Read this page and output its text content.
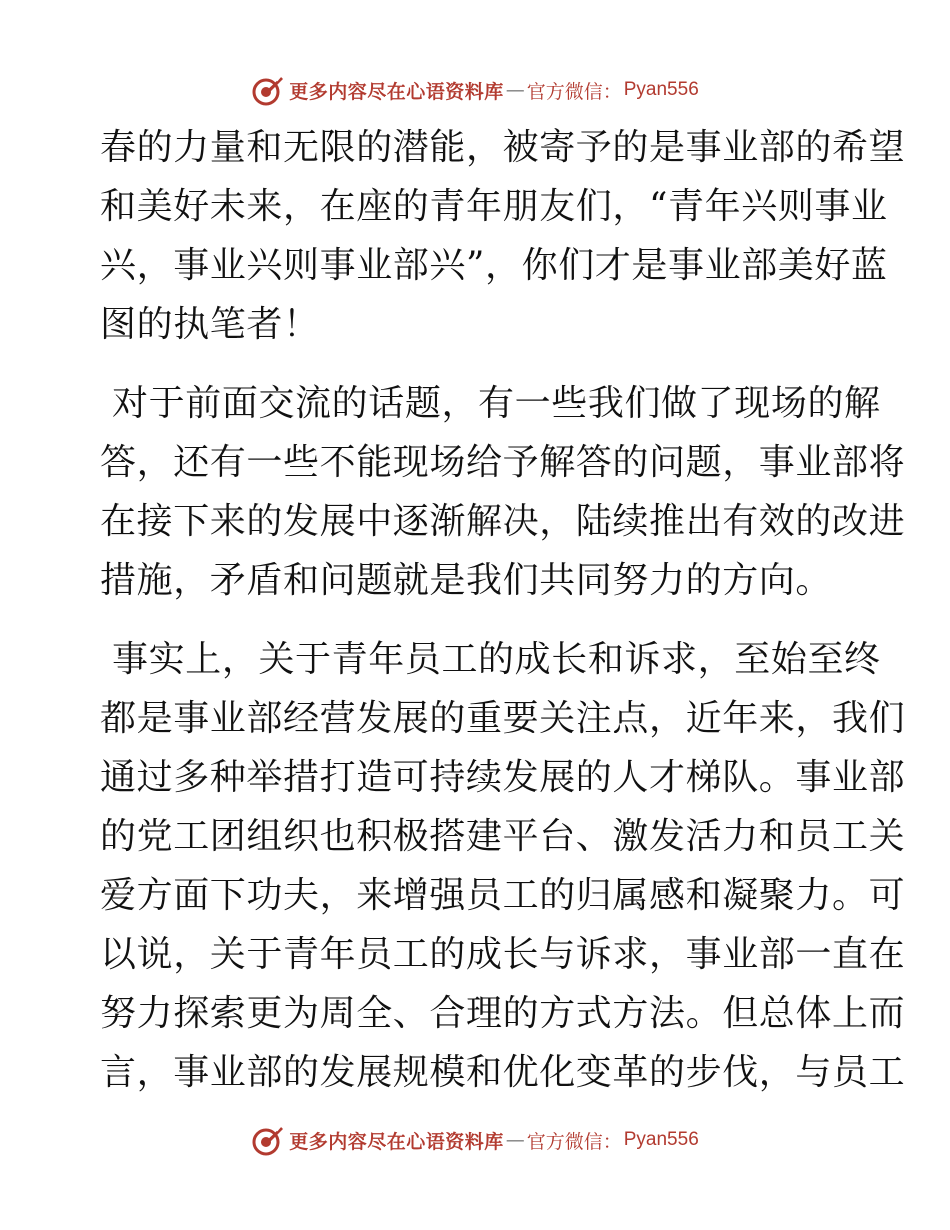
更多内容尽在心语资料库 — 官方微信： Pyan556
春的力量和无限的潜能，被寄予的是事业部的希望
和美好未来，在座的青年朋友们，“青年兴则事业
兴，事业兴则事业部兴”，你们才是事业部美好蓝
图的执笔者！
对于前面交流的话题，有一些我们做了现场的解
答，还有一些不能现场给予解答的问题，事业部将
在接下来的发展中逐渐解决，陆续推出有效的改进
措施，矛盾和问题就是我们共同努力的方向。
事实上，关于青年员工的成长和诉求，至始至终
都是事业部经营发展的重要关注点，近年来，我们
通过多种举措打造可持续发展的人才梯队。事业部
的党工团组织也积极搭建平台、激发活力和员工关
爱方面下功夫，来增强员工的归属感和凝聚力。可
以说，关于青年员工的成长与诉求，事业部一直在
努力探索更为周全、合理的方式方法。但总体上而
言，事业部的发展规模和优化变革的步伐，与员工
更多内容尽在心语资料库 — 官方微信： Pyan556
